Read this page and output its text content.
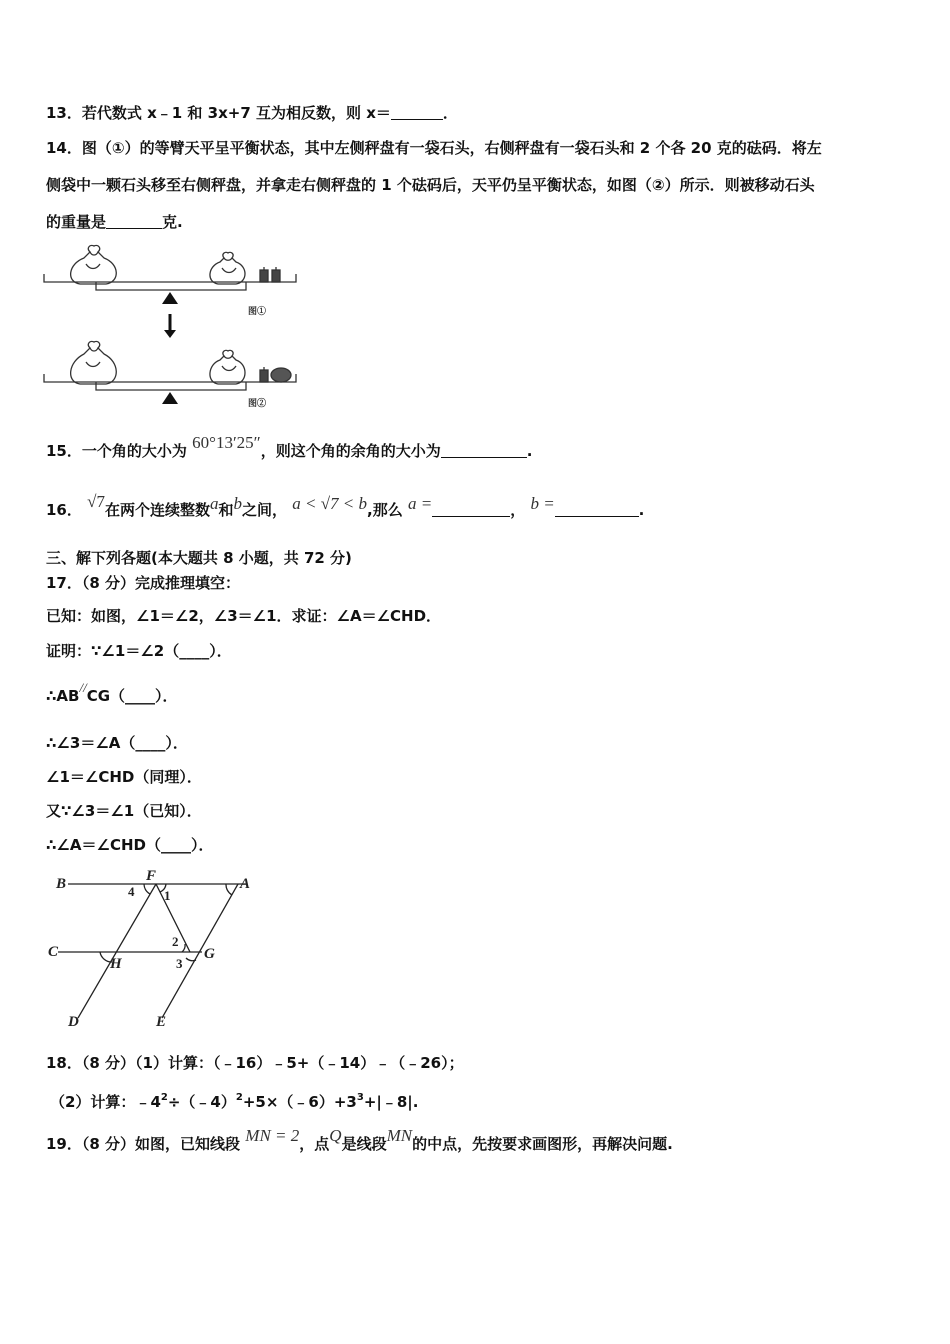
13．若代数式 x﹣1 和 3x+7 互为相反数，则 x＝	．
14．图（①）的等臂天平呈平衡状态，其中左侧秤盘有一袋石头，右侧秤盘有一袋石头和 2 个各 20 克的砝码．将左
侧袋中一颗石头移至右侧秤盘，并拿走右侧秤盘的 1 个砝码后，天平仍呈平衡状态，如图（②）所示．则被移动石头
的重量是	克.
图①
图②
15．一个角的大小为 60°13′25″，则这个角的余角的大小为	.
16． √7在两个连续整数a和b之间， a < √7 < b,那么 a =	， b =	.
三、解下列各题(本大题共 8 小题，共 72 分)
17．（8 分）完成推理填空：
已知：如图，∠1＝∠2，∠3＝∠1．求证：∠A＝∠CHD．
证明：∵∠1＝∠2（____）．
∴AB//CG（____）．
∴∠3＝∠A（____）．
∠1＝∠CHD（同理）．
又∵∠3＝∠1（已知）．
∴∠A＝∠CHD（____）．
B	F	A
C
H
G
D	E
4 1
2
3
18．（8 分）（1）计算：（﹣16）﹣5+（﹣14）﹣（﹣26）；
（2）计算：$﹣4^2\div(﹣4)^2+5\times(﹣6)+3^3+|﹣8|$.
19．（8 分）如图，已知线段 MN = 2，点Q是线段MN的中点，先按要求画图形，再解决问题.
